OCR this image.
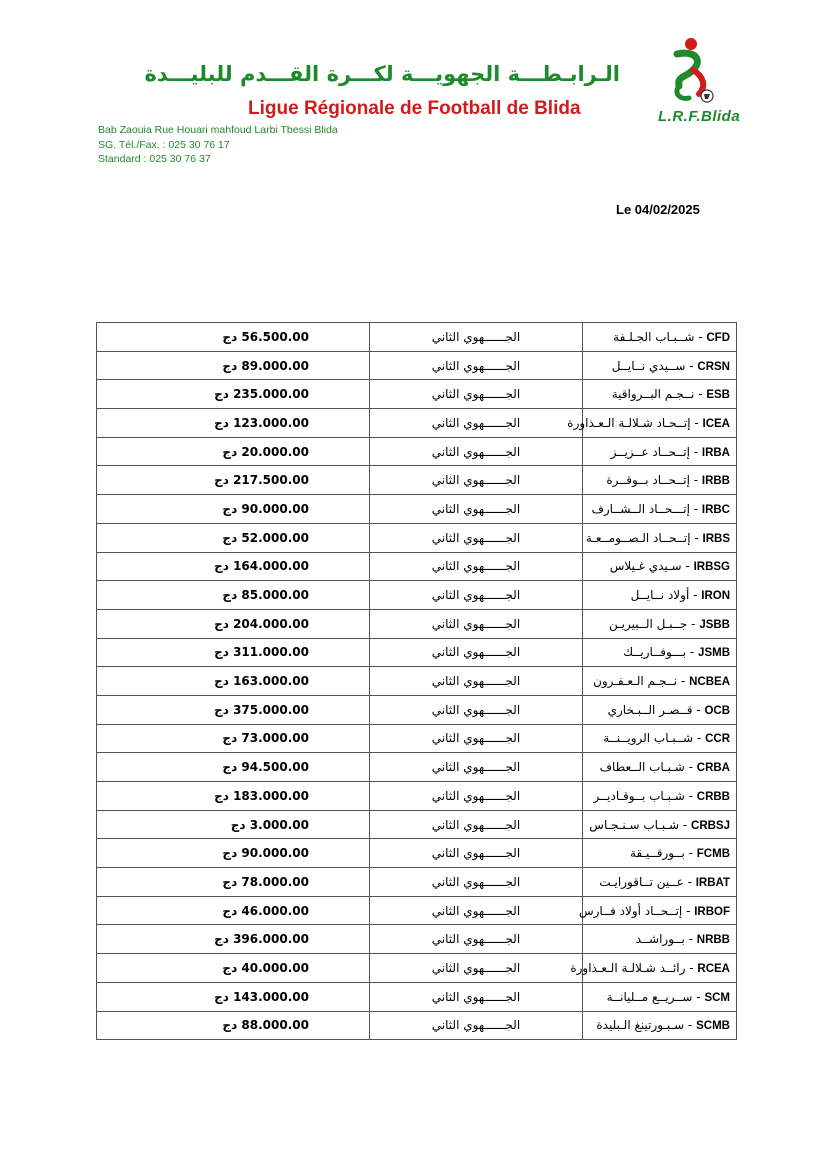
L.R.F.Blida
الـرابـطـــة الجهويـــة لكـــرة القـــدم للبليـــدة
Ligue Régionale de Football de Blida
Bab Zaouia Rue Houari mahfoud Larbi Tbessi Blida
SG. Tél./Fax. : 025 30 76 17
Standard : 025 30 76 37
Le 04/02/2025
56.500.00 دج	الجــــــهوي الثاني	CFD - شــبـاب الجـلـفة
89.000.00 دج	الجــــــهوي الثاني	CRSN - ســيدي نــايــل
235.000.00 دج	الجــــــهوي الثاني	ESB - نــجـم البــرواقية
123.000.00 دج	الجــــــهوي الثاني	ICEA - إتــحـاد شـلالـة الـعـذاورة
20.000.00 دج	الجــــــهوي الثاني	IRBA - إتــحــاد عــزيــز
217.500.00 دج	الجــــــهوي الثاني	IRBB - إتــحــاد بــوقــرة
90.000.00 دج	الجــــــهوي الثاني	IRBC - إتـــحــاد الــشــارف
52.000.00 دج	الجــــــهوي الثاني	IRBS - إتــحــاد الـصــومــعـة
164.000.00 دج	الجــــــهوي الثاني	IRBSG - سـيدي غـيلاس
85.000.00 دج	الجــــــهوي الثاني	IRON - أولاد نــايــل
204.000.00 دج	الجــــــهوي الثاني	JSBB - جــبـل الــبيريـن
311.000.00 دج	الجــــــهوي الثاني	JSMB - بـــوفــاريــك
163.000.00 دج	الجــــــهوي الثاني	NCBEA - نــجـم الـعـفـرون
375.000.00 دج	الجــــــهوي الثاني	OCB - قــصـر الــبـخاري
73.000.00 دج	الجــــــهوي الثاني	CCR - شــبـاب الرويــنــة
94.500.00 دج	الجــــــهوي الثاني	CRBA - شـبـاب الــعطاف
183.000.00 دج	الجــــــهوي الثاني	CRBB - شـبـاب بــوقـاديــر
3.000.00 دج	الجــــــهوي الثاني	CRBSJ - شـبـاب سـنـجـاس
90.000.00 دج	الجــــــهوي الثاني	FCMB - بــورقــيـقة
78.000.00 دج	الجــــــهوي الثاني	IRBAT - عــين تــاقورايـت
46.000.00 دج	الجــــــهوي الثاني	IRBOF - إتــحــاد أولاد فــارس
396.000.00 دج	الجــــــهوي الثاني	NRBB - بــوراشــد
40.000.00 دج	الجــــــهوي الثاني	RCEA - رائــد شـلالـة الـعـذاورة
143.000.00 دج	الجــــــهوي الثاني	SCM - ســريــع مــليانــة
88.000.00 دج	الجــــــهوي الثاني	SCMB - سـبـورتينغ الـبليدة
